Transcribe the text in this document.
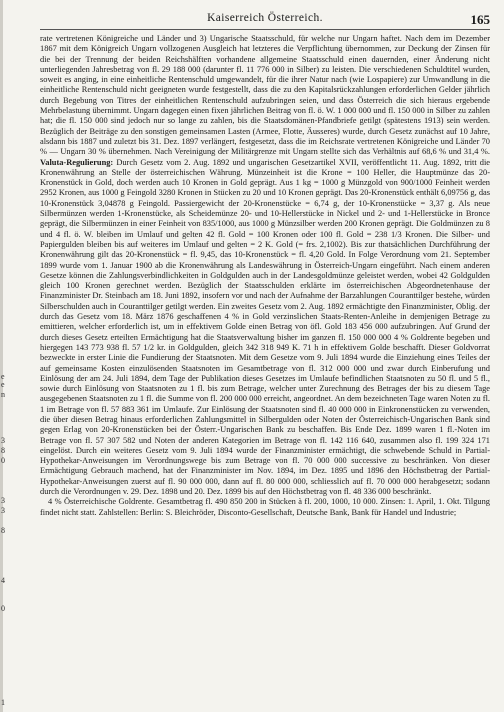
e
e
n
3
8
0
3
3
8
4
0
1
Kaiserreich Österreich.	165

rate vertretenen Königreiche und Länder und 3) Ungarische Staatsschuld, für welche nur Ungarn haftet. Nach dem im Dezember 1867 mit dem Königreich Ungarn vollzogenen Ausgleich hat letzteres die Verpflichtung übernommen, zur Deckung der Zinsen für die bei der Trennung der beiden Reichshälften vorhandene allgemeine Staatsschuld einen dauernden, einer Änderung nicht unterliegenden Jahresbetrag von fl. 29 188 000 (darunter fl. 11 776 000 in Silber) zu leisten. Die verschiedenen Schuldtitel wurden, soweit es anging, in eine einheitliche Rentenschuld umgewandelt, für die ihrer Natur nach (wie Lospapiere) zur Umwandlung in die einheitliche Rentenschuld nicht geeigneten wurde festgestellt, dass die zu den Kapitalsrückzahlungen erforderlichen Gelder jährlich durch Begebung von Titres der einheitlichen Rentenschuld aufzubringen seien, und dass Österreich die sich hieraus ergebende Mehrbelastung übernimmt. Ungarn dagegen einen fixen jährlichen Beitrag von fl. ö. W. 1 000 000 und fl. 150 000 in Silber zu zahlen hat; die fl. 150 000 sind jedoch nur so lange zu zahlen, bis die Staatsdomänen-Pfandbriefe getilgt (spätestens 1913) sein werden. Bezüglich der Beiträge zu den sonstigen gemeinsamen Lasten (Armee, Flotte, Äusseres) wurde, durch Gesetz zunächst auf 10 Jahre, alsdann bis 1887 und zuletzt bis 31. Dez. 1897 verlängert, festgesetzt, dass die im Reichsrate vertretenen Königreiche und Länder 70 % — Ungarn 30 % übernehmen. Nach Vereinigung der Militärgrenze mit Ungarn stellte sich das Verhältnis auf 68,6 % und 31,4 %. Valuta-Regulierung: Durch Gesetz vom 2. Aug. 1892 und ungarischen Gesetzartikel XVII, veröffentlicht 11. Aug. 1892, tritt die Kronenwährung an Stelle der österreichischen Währung. Münzeinheit ist die Krone = 100 Heller, die Hauptmünze das 20-Kronenstück in Gold, doch werden auch 10 Kronen in Gold geprägt. Aus 1 kg = 1000 g Münzgold von 900/1000 Feinheit werden 2952 Kronen, aus 1000 g Feingold 3280 Kronen in Stücken zu 20 und 10 Kronen geprägt. Das 20-Kronenstück enthält 6,09756 g, das 10-Kronenstück 3,04878 g Feingold. Passiergewicht der 20-Kronenstücke = 6,74 g, der 10-Kronenstücke = 3,37 g. Als neue Silbermünzen werden 1-Kronenstücke, als Scheidemünze 20- und 10-Hellerstücke in Nickel und 2- und 1-Hellerstücke in Bronce geprägt, die Silbermünzen in einer Feinheit von 835/1000, aus 1000 g Münzsilber werden 200 Kronen geprägt. Die Goldmünzen zu 8 und 4 fl. ö. W. bleiben im Umlauf und gelten 42 fl. Gold = 100 Kronen oder 100 fl. Gold = 238 1/3 Kronen. Die Silber- und Papiergulden bleiben bis auf weiteres im Umlauf und gelten = 2 K. Gold (= frs. 2,1002). Bis zur thatsächlichen Durchführung der Kronenwährung gilt das 20-Kronenstück = fl. 9,45, das 10-Kronenstück = fl. 4,20 Gold. In Folge Verordnung vom 21. September 1899 wurde vom 1. Januar 1900 ab die Kronenwährung als Landeswährung in Österreich-Ungarn eingeführt. Nach einem anderen Gesetze können die Zahlungsverbindlichkeiten in Goldgulden auch in der Landesgoldmünze geleistet werden, wobei 42 Goldgulden gleich 100 Kronen gerechnet werden. Bezüglich der Staatsschulden erklärte im österreichischen Abgeordnetenhause der Finanzminister Dr. Steinbach am 18. Juni 1892, insofern vor und nach der Aufnahme der Barzahlungen Couranttilger bestehe, würden Silberschulden auch in Couranttilger getilgt werden. Ein zweites Gesetz vom 2. Aug. 1892 ermächtigte den Finanzminister, Oblig. der durch das Gesetz vom 18. März 1876 geschaffenen 4 % in Gold verzinslichen Staats-Renten-Anleihe in demjenigen Betrage zu emittieren, welcher erforderlich ist, um in effektivem Golde einen Betrag von öfl. Gold 183 456 000 aufzubringen. Auf Grund der durch dieses Gesetz erteilten Ermächtigung hat die Staatsverwaltung bisher im ganzen fl. 150 000 000 4 % Goldrente begeben und hiergegen 143 773 938 fl. 57 1/2 kr. in Goldgulden, gleich 342 318 949 K. 71 h in effektivem Golde beschafft. Dieser Goldvorrat bezweckte in erster Linie die Fundierung der Staatsnoten. Mit dem Gesetze vom 9. Juli 1894 wurde die Einziehung eines Teiles der auf gemeinsame Kosten einzulösenden Staatsnoten im Gesamtbetrage von fl. 312 000 000 und zwar durch Einberufung und Einlösung der am 24. Juli 1894, dem Tage der Publikation dieses Gesetzes im Umlaufe befindlichen Staatsnoten zu 50 fl. und 5 fl., sowie durch Einlösung von Staatsnoten zu 1 fl. bis zum Betrage, welcher unter Zurechnung des Betrages der bis zu diesem Tage ausgegebenen Staatsnoten zu 1 fl. die Summe von fl. 200 000 000 erreicht, angeordnet. An dem bezeichneten Tage waren Noten zu fl. 1 im Betrage von fl. 57 883 361 im Umlaufe. Zur Einlösung der Staatsnoten sind fl. 40 000 000 in Einkronenstücken zu verwenden, die über diesen Betrag hinaus erforderlichen Zahlungsmittel in Silbergulden oder Noten der Österreichisch-Ungarischen Bank sind gegen Erlag von 20-Kronenstücken bei der Österr.-Ungarischen Bank zu beschaffen. Bis Ende Dez. 1899 waren 1 fl.-Noten im Betrage von fl. 57 307 582 und Noten der anderen Kategorien im Betrage von fl. 142 116 640, zusammen also fl. 199 324 171 eingelöst. Durch ein weiteres Gesetz vom 9. Juli 1894 wurde der Finanzminister ermächtigt, die schwebende Schuld in Partial-Hypothekar-Anweisungen im Verordnungswege bis zum Betrage von fl. 70 000 000 successive zu beschränken. Von dieser Ermächtigung Gebrauch machend, hat der Finanzminister im Nov. 1894, im Dez. 1895 und 1896 den Höchstbetrag der Partial-Hypothekar-Anweisungen zuerst auf fl. 90 000 000, dann auf fl. 80 000 000, schliesslich auf fl. 70 000 000 herabgesetzt; sodann durch die Verordnungen v. 29. Dez. 1898 und 20. Dez. 1899 bis auf den Höchstbetrag von fl. 48 336 000 beschränkt.

4 % Österreichische Goldrente. Gesamtbetrag fl. 490 850 200 in Stücken à fl. 200, 1000, 10 000. Zinsen: 1. April, 1. Okt. Tilgung findet nicht statt. Zahlstellen: Berlin: S. Bleichröder, Disconto-Gesellschaft, Deutsche Bank, Bank für Handel und Industrie;
